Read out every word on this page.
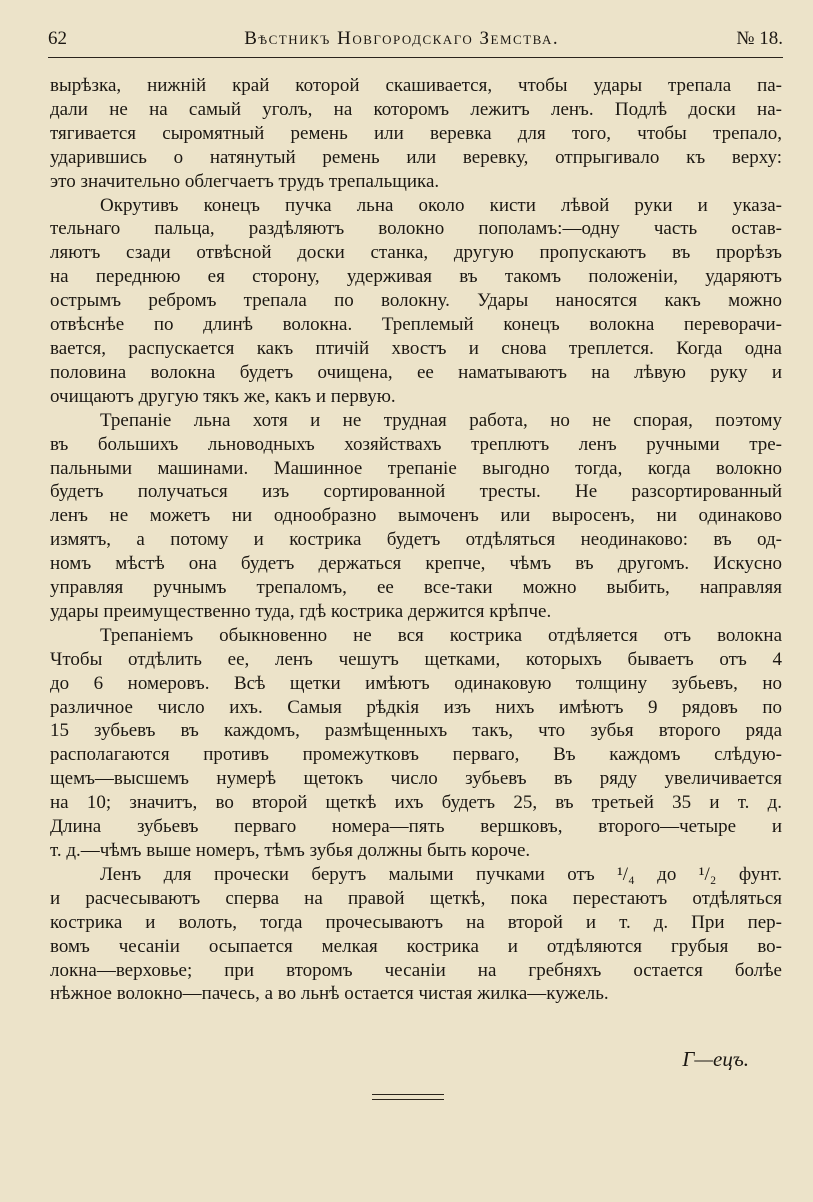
62	Вѣстникъ Новгородскаго Земства.	№ 18.

вырѣзка, нижній край которой скашивается, чтобы удары трепала па-
дали не на самый уголъ, на которомъ лежитъ ленъ. Подлѣ доски на-
тягивается сыромятный ремень или веревка для того, чтобы трепало,
ударившись о натянутый ремень или веревку, отпрыгивало къ верху:
это значительно облегчаетъ трудъ трепальщика.

Окрутивъ конецъ пучка льна около кисти лѣвой руки и указа-
тельнаго пальца, раздѣляютъ волокно пополамъ:—одну часть остав-
ляютъ сзади отвѣсной доски станка, другую пропускаютъ въ прорѣзъ
на переднюю ея сторону, удерживая въ такомъ положеніи, ударяютъ
острымъ ребромъ трепала по волокну. Удары наносятся какъ можно
отвѣснѣе по длинѣ волокна. Треплемый конецъ волокна переворачи-
вается, распускается какъ птичій хвостъ и снова треплется. Когда одна
половина волокна будетъ очищена, ее наматываютъ на лѣвую руку и
очищаютъ другую тякъ же, какъ и первую.

Трепаніе льна хотя и не трудная работа, но не спорая, поэтому
въ большихъ льноводныхъ хозяйствахъ треплютъ ленъ ручными тре-
пальными машинами. Машинное трепаніе выгодно тогда, когда волокно
будетъ получаться изъ сортированной тресты. Не разсортированный
ленъ не можетъ ни однообразно вымоченъ или выросенъ, ни одинаково
измятъ, а потому и кострика будетъ отдѣляться неодинаково: въ од-
номъ мѣстѣ она будетъ держаться крепче, чѣмъ въ другомъ. Искусно
управляя ручнымъ трепаломъ, ее все-таки можно выбить, направляя
удары преимущественно туда, гдѣ кострика держится крѣпче.

Трепаніемъ обыкновенно не вся кострика отдѣляется отъ волокна
Чтобы отдѣлить ее, ленъ чешутъ щетками, которыхъ бываетъ отъ 4
до 6 номеровъ. Всѣ щетки имѣютъ одинаковую толщину зубьевъ, но
различное число ихъ. Самыя рѣдкія изъ нихъ имѣютъ 9 рядовъ по
15 зубьевъ въ каждомъ, размѣщенныхъ такъ, что зубья второго ряда
располагаются противъ промежутковъ перваго, Въ каждомъ слѣдую-
щемъ—высшемъ нумерѣ щетокъ число зубьевъ въ ряду увеличивается
на 10; значитъ, во второй щеткѣ ихъ будетъ 25, въ третьей 35 и т. д.
Длина зубьевъ перваго номера—пять вершковъ, второго—четыре и
т. д.—чѣмъ выше номеръ, тѣмъ зубья должны быть короче.

Ленъ для прочески берутъ малыми пучками отъ ¹/₄ до ¹/₂ фунт.
и расчесываютъ сперва на правой щеткѣ, пока перестаютъ отдѣляться
кострика и волоть, тогда прочесываютъ на второй и т. д. При пер-
вомъ чесаніи осыпается мелкая кострика и отдѣляются грубыя во-
локна—верховье; при второмъ чесаніи на гребняхъ остается болѣе
нѣжное волокно—пачесь, а во льнѣ остается чистая жилка—кужель.

Г—ецъ.
